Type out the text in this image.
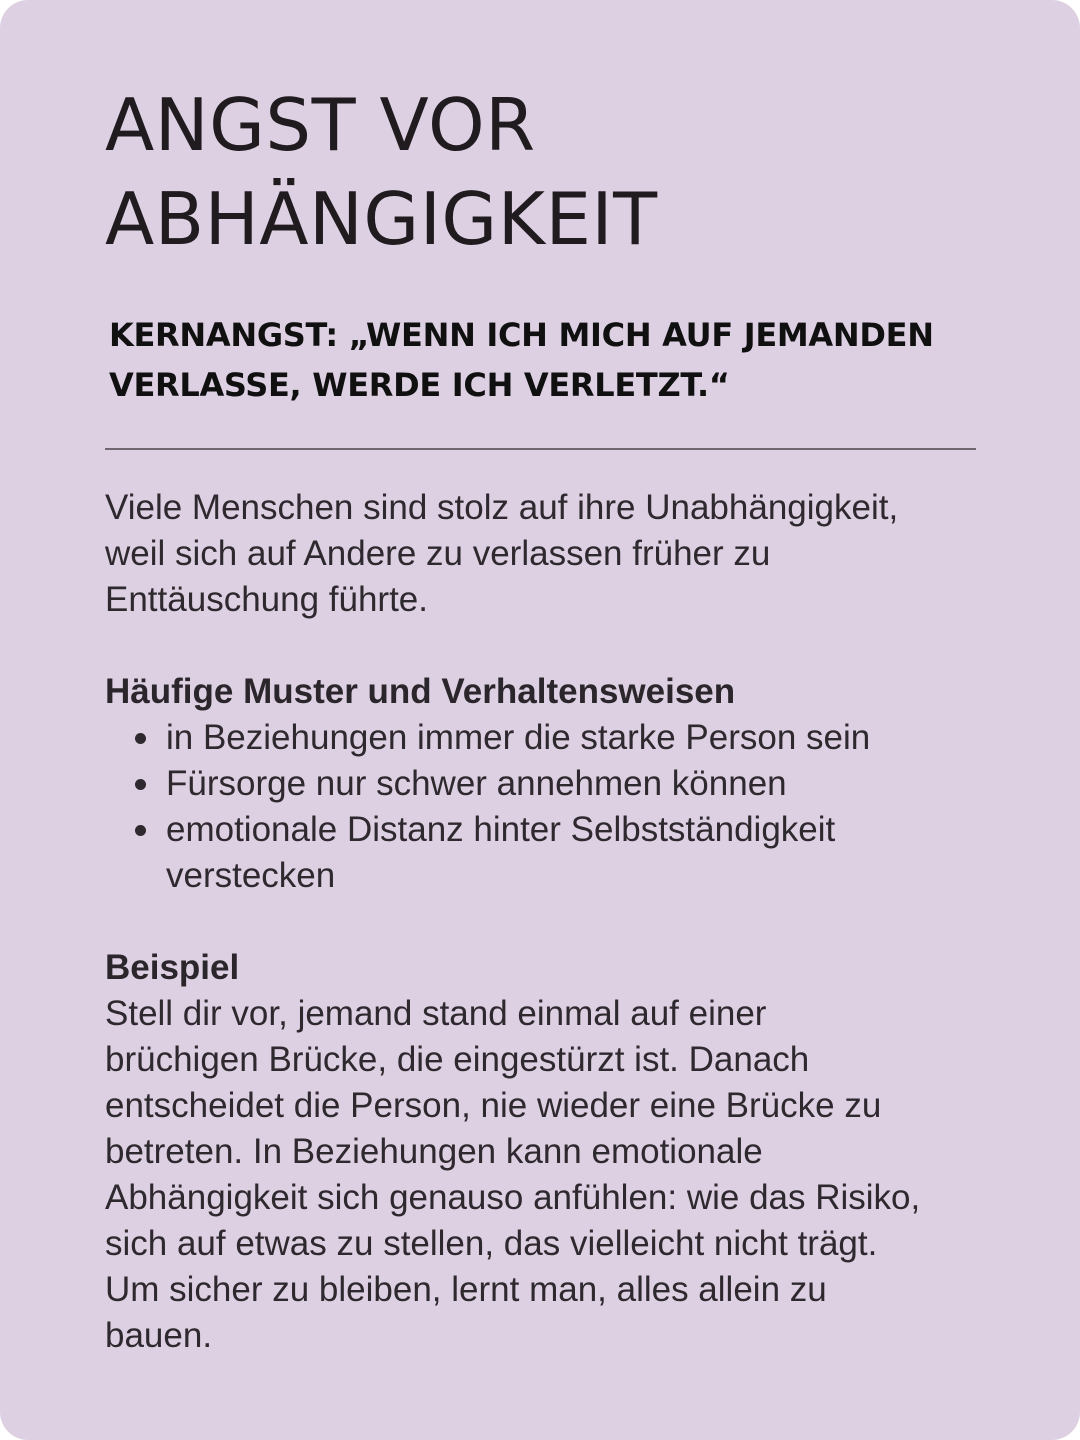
ANGST VOR
ABHÄNGIGKEIT
KERNANGST: „WENN ICH MICH AUF JEMANDEN
VERLASSE, WERDE ICH VERLETZT.“

Viele Menschen sind stolz auf ihre Unabhängigkeit,
weil sich auf Andere zu verlassen früher zu
Enttäuschung führte.

Häufige Muster und Verhaltensweisen
in Beziehungen immer die starke Person sein
Fürsorge nur schwer annehmen können
emotionale Distanz hinter Selbstständigkeit verstecken
Beispiel

Stell dir vor, jemand stand einmal auf einer
brüchigen Brücke, die eingestürzt ist. Danach
entscheidet die Person, nie wieder eine Brücke zu
betreten. In Beziehungen kann emotionale
Abhängigkeit sich genauso anfühlen: wie das Risiko,
sich auf etwas zu stellen, das vielleicht nicht trägt.
Um sicher zu bleiben, lernt man, alles allein zu
bauen.
